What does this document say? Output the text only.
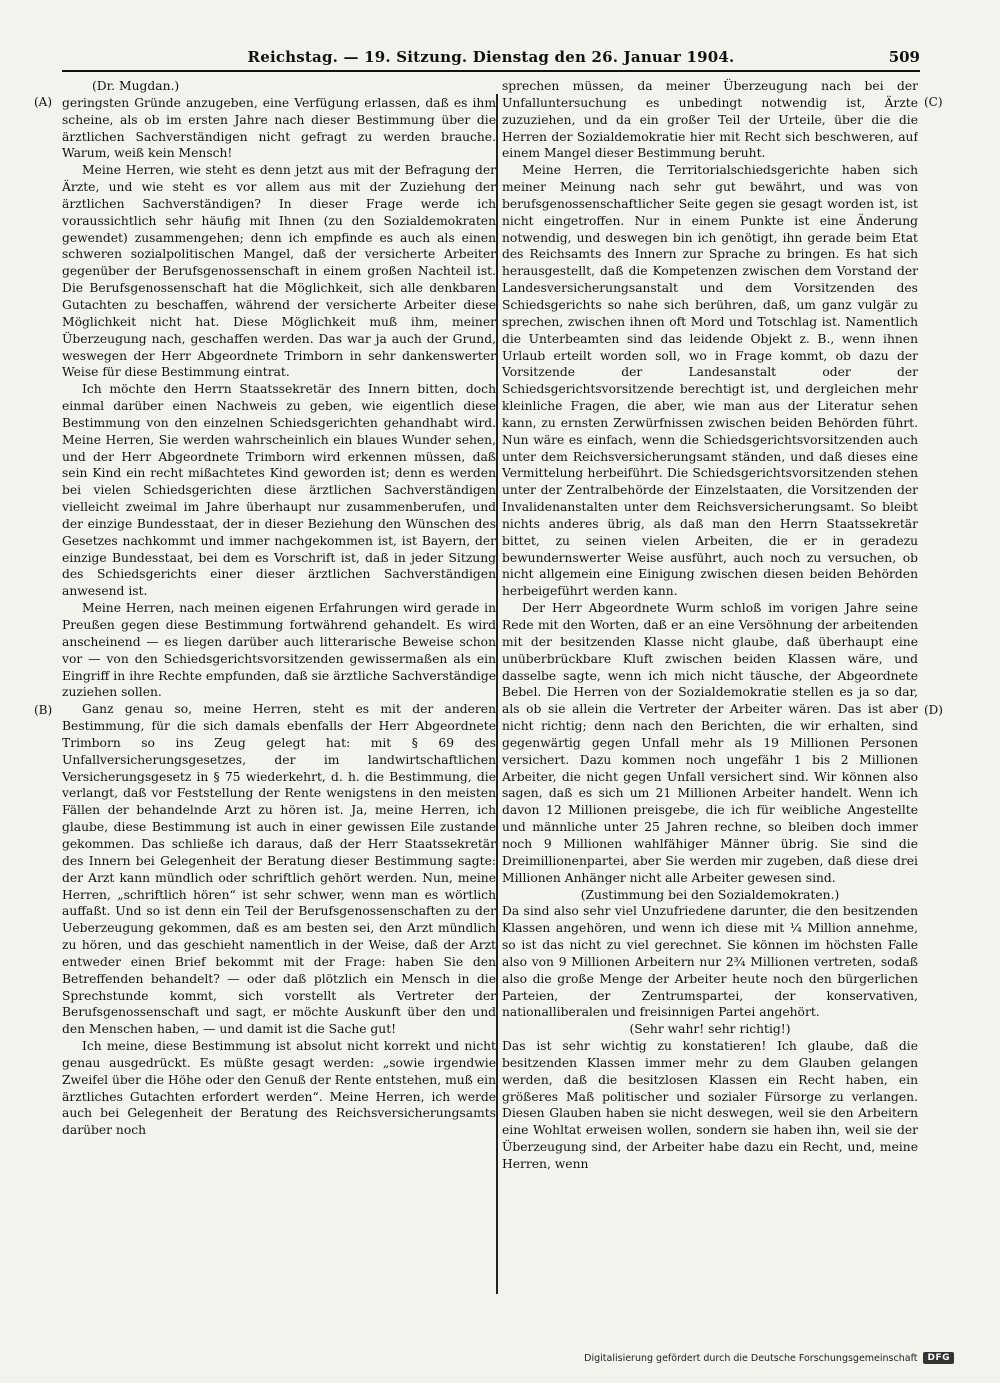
Reichstag. — 19. Sitzung. Dienstag den 26. Januar 1904.	509
(A)
(B)
(C)
(D)

(Dr. Mugdan.)

geringsten Gründe anzugeben, eine Verfügung erlassen, daß es ihm scheine, als ob im ersten Jahre nach dieser Bestimmung über die ärztlichen Sachverständigen nicht gefragt zu werden brauche. Warum, weiß kein Mensch!

Meine Herren, wie steht es denn jetzt aus mit der Befragung der Ärzte, und wie steht es vor allem aus mit der Zuziehung der ärztlichen Sachverständigen? In dieser Frage werde ich voraussichtlich sehr häufig mit Ihnen (zu den Sozialdemokraten gewendet) zusammengehen; denn ich empfinde es auch als einen schweren sozialpolitischen Mangel, daß der versicherte Arbeiter gegenüber der Berufsgenossenschaft in einem großen Nachteil ist. Die Berufsgenossenschaft hat die Möglichkeit, sich alle denkbaren Gutachten zu beschaffen, während der versicherte Arbeiter diese Möglichkeit nicht hat. Diese Möglichkeit muß ihm, meiner Überzeugung nach, geschaffen werden. Das war ja auch der Grund, weswegen der Herr Abgeordnete Trimborn in sehr dankenswerter Weise für diese Bestimmung eintrat.

Ich möchte den Herrn Staatssekretär des Innern bitten, doch einmal darüber einen Nachweis zu geben, wie eigentlich diese Bestimmung von den einzelnen Schiedsgerichten gehandhabt wird. Meine Herren, Sie werden wahrscheinlich ein blaues Wunder sehen, und der Herr Abgeordnete Trimborn wird erkennen müssen, daß sein Kind ein recht mißachtetes Kind geworden ist; denn es werden bei vielen Schiedsgerichten diese ärztlichen Sachverständigen vielleicht zweimal im Jahre überhaupt nur zusammenberufen, und der einzige Bundesstaat, der in dieser Beziehung den Wünschen des Gesetzes nachkommt und immer nachgekommen ist, ist Bayern, der einzige Bundesstaat, bei dem es Vorschrift ist, daß in jeder Sitzung des Schiedsgerichts einer dieser ärztlichen Sachverständigen anwesend ist.

Meine Herren, nach meinen eigenen Erfahrungen wird gerade in Preußen gegen diese Bestimmung fortwährend gehandelt. Es wird anscheinend — es liegen darüber auch litterarische Beweise schon vor — von den Schiedsgerichtsvorsitzenden gewissermaßen als ein Eingriff in ihre Rechte empfunden, daß sie ärztliche Sachverständige zuziehen sollen.

Ganz genau so, meine Herren, steht es mit der anderen Bestimmung, für die sich damals ebenfalls der Herr Abgeordnete Trimborn so ins Zeug gelegt hat: mit § 69 des Unfallversicherungsgesetzes, der im landwirtschaftlichen Versicherungsgesetz in § 75 wiederkehrt, d. h. die Bestimmung, die verlangt, daß vor Feststellung der Rente wenigstens in den meisten Fällen der behandelnde Arzt zu hören ist. Ja, meine Herren, ich glaube, diese Bestimmung ist auch in einer gewissen Eile zustande gekommen. Das schließe ich daraus, daß der Herr Staatssekretär des Innern bei Gelegenheit der Beratung dieser Bestimmung sagte: der Arzt kann mündlich oder schriftlich gehört werden. Nun, meine Herren, „schriftlich hören“ ist sehr schwer, wenn man es wörtlich auffaßt. Und so ist denn ein Teil der Berufsgenossenschaften zu der Ueberzeugung gekommen, daß es am besten sei, den Arzt mündlich zu hören, und das geschieht namentlich in der Weise, daß der Arzt entweder einen Brief bekommt mit der Frage: haben Sie den Betreffenden behandelt? — oder daß plötzlich ein Mensch in die Sprechstunde kommt, sich vorstellt als Vertreter der Berufsgenossenschaft und sagt, er möchte Auskunft über den und den Menschen haben, — und damit ist die Sache gut!

Ich meine, diese Bestimmung ist absolut nicht korrekt und nicht genau ausgedrückt. Es müßte gesagt werden: „sowie irgendwie Zweifel über die Höhe oder den Genuß der Rente entstehen, muß ein ärztliches Gutachten erfordert werden“. Meine Herren, ich werde auch bei Gelegenheit der Beratung des Reichsversicherungsamts darüber noch

sprechen müssen, da meiner Überzeugung nach bei der Unfalluntersuchung es unbedingt notwendig ist, Ärzte zuzuziehen, und da ein großer Teil der Urteile, über die die Herren der Sozialdemokratie hier mit Recht sich beschweren, auf einem Mangel dieser Bestimmung beruht.

Meine Herren, die Territorialschiedsgerichte haben sich meiner Meinung nach sehr gut bewährt, und was von berufsgenossenschaftlicher Seite gegen sie gesagt worden ist, ist nicht eingetroffen. Nur in einem Punkte ist eine Änderung notwendig, und deswegen bin ich genötigt, ihn gerade beim Etat des Reichsamts des Innern zur Sprache zu bringen. Es hat sich herausgestellt, daß die Kompetenzen zwischen dem Vorstand der Landesversicherungsanstalt und dem Vorsitzenden des Schiedsgerichts so nahe sich berühren, daß, um ganz vulgär zu sprechen, zwischen ihnen oft Mord und Totschlag ist. Namentlich die Unterbeamten sind das leidende Objekt z. B., wenn ihnen Urlaub erteilt worden soll, wo in Frage kommt, ob dazu der Vorsitzende der Landesanstalt oder der Schiedsgerichtsvorsitzende berechtigt ist, und dergleichen mehr kleinliche Fragen, die aber, wie man aus der Literatur sehen kann, zu ernsten Zerwürfnissen zwischen beiden Behörden führt. Nun wäre es einfach, wenn die Schiedsgerichtsvorsitzenden auch unter dem Reichsversicherungsamt ständen, und daß dieses eine Vermittelung herbeiführt. Die Schiedsgerichtsvorsitzenden stehen unter der Zentralbehörde der Einzelstaaten, die Vorsitzenden der Invalidenanstalten unter dem Reichsversicherungsamt. So bleibt nichts anderes übrig, als daß man den Herrn Staatssekretär bittet, zu seinen vielen Arbeiten, die er in geradezu bewundernswerter Weise ausführt, auch noch zu versuchen, ob nicht allgemein eine Einigung zwischen diesen beiden Behörden herbeigeführt werden kann.

Der Herr Abgeordnete Wurm schloß im vorigen Jahre seine Rede mit den Worten, daß er an eine Versöhnung der arbeitenden mit der besitzenden Klasse nicht glaube, daß überhaupt eine unüberbrückbare Kluft zwischen beiden Klassen wäre, und dasselbe sagte, wenn ich mich nicht täusche, der Abgeordnete Bebel. Die Herren von der Sozialdemokratie stellen es ja so dar, als ob sie allein die Vertreter der Arbeiter wären. Das ist aber nicht richtig; denn nach den Berichten, die wir erhalten, sind gegenwärtig gegen Unfall mehr als 19 Millionen Personen versichert. Dazu kommen noch ungefähr 1 bis 2 Millionen Arbeiter, die nicht gegen Unfall versichert sind. Wir können also sagen, daß es sich um 21 Millionen Arbeiter handelt. Wenn ich davon 12 Millionen preisgebe, die ich für weibliche Angestellte und männliche unter 25 Jahren rechne, so bleiben doch immer noch 9 Millionen wahlfähiger Männer übrig. Sie sind die Dreimillionenpartei, aber Sie werden mir zugeben, daß diese drei Millionen Anhänger nicht alle Arbeiter gewesen sind.

(Zustimmung bei den Sozialdemokraten.)

Da sind also sehr viel Unzufriedene darunter, die den besitzenden Klassen angehören, und wenn ich diese mit ¼ Million annehme, so ist das nicht zu viel gerechnet. Sie können im höchsten Falle also von 9 Millionen Arbeitern nur 2¾ Millionen vertreten, sodaß also die große Menge der Arbeiter heute noch den bürgerlichen Parteien, der Zentrumspartei, der konservativen, nationalliberalen und freisinnigen Partei angehört.

(Sehr wahr! sehr richtig!)

Das ist sehr wichtig zu konstatieren! Ich glaube, daß die besitzenden Klassen immer mehr zu dem Glauben gelangen werden, daß die besitzlosen Klassen ein Recht haben, ein größeres Maß politischer und sozialer Fürsorge zu verlangen. Diesen Glauben haben sie nicht deswegen, weil sie den Arbeitern eine Wohltat erweisen wollen, sondern sie haben ihn, weil sie der Überzeugung sind, der Arbeiter habe dazu ein Recht, und, meine Herren, wenn

Digitalisierung gefördert durch die Deutsche Forschungsgemeinschaft	DFG
